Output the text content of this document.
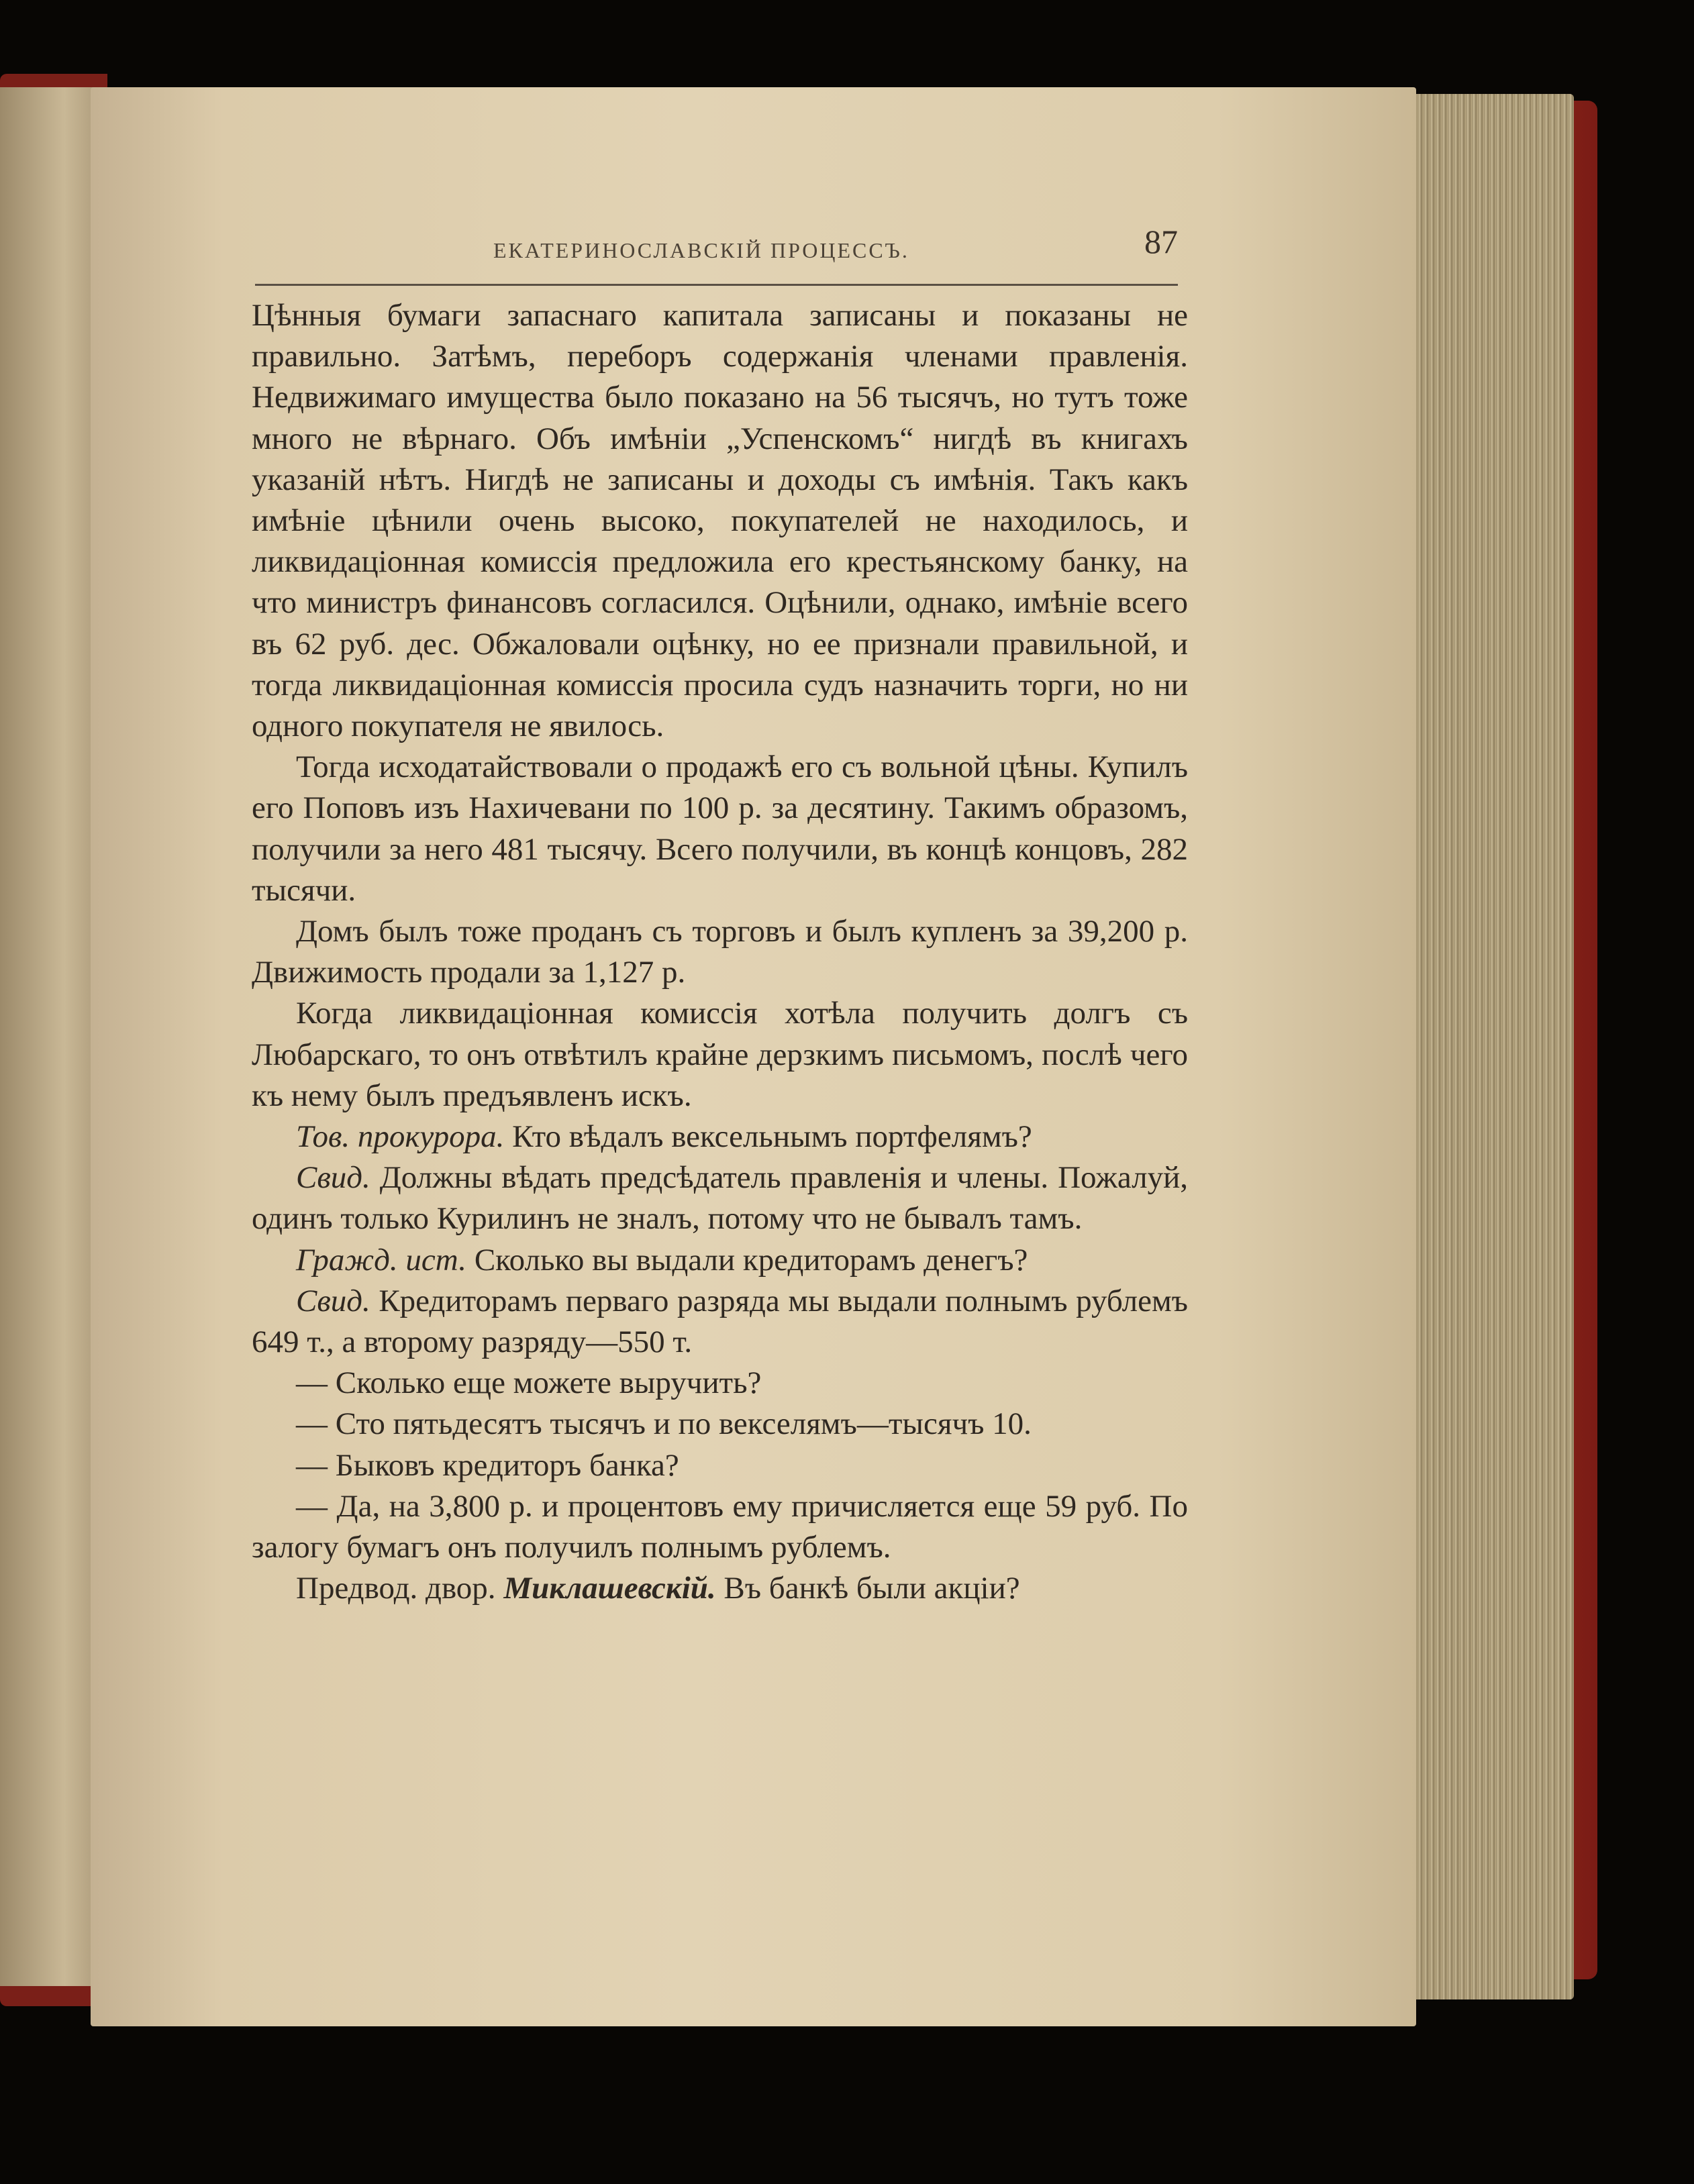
ЕКАТЕРИНОСЛАВСКІЙ ПРОЦЕССЪ.	87

Цѣнныя бумаги запаснаго капитала записаны и показаны не правильно. Затѣмъ, переборъ содержанія членами правленія. Недвижимаго имущества было показано на 56 тысячъ, но тутъ тоже много не вѣрнаго. Объ имѣніи „Успенскомъ“ нигдѣ въ книгахъ указаній нѣтъ. Нигдѣ не записаны и доходы съ имѣнія. Такъ какъ имѣніе цѣнили очень высоко, покупателей не находилось, и ликвидаціонная комиссія предложила его крестьянскому банку, на что министръ финансовъ согласился. Оцѣнили, однако, имѣніе всего въ 62 руб. дес. Обжаловали оцѣнку, но ее признали правильной, и тогда ликвидаціонная комиссія просила судъ назначить торги, но ни одного покупателя не явилось.

Тогда исходатайствовали о продажѣ его съ вольной цѣны. Купилъ его Поповъ изъ Нахичевани по 100 р. за десятину. Такимъ образомъ, получили за него 481 тысячу. Всего получили, въ концѣ концовъ, 282 тысячи.

Домъ былъ тоже проданъ съ торговъ и былъ купленъ за 39,200 р. Движимость продали за 1,127 р.

Когда ликвидаціонная комиссія хотѣла получить долгъ съ Любарскаго, то онъ отвѣтилъ крайне дерзкимъ письмомъ, послѣ чего къ нему былъ предъявленъ искъ.

Тов. прокурора. Кто вѣдалъ вексельнымъ портфелямъ?

Свид. Должны вѣдать предсѣдатель правленія и члены. Пожалуй, одинъ только Курилинъ не зналъ, потому что не бывалъ тамъ.

Гражд. ист. Сколько вы выдали кредиторамъ денегъ?

Свид. Кредиторамъ перваго разряда мы выдали полнымъ рублемъ 649 т., а второму разряду—550 т.

— Сколько еще можете выручить?

— Сто пятьдесятъ тысячъ и по векселямъ—тысячъ 10.

— Быковъ кредиторъ банка?

— Да, на 3,800 р. и процентовъ ему причисляется еще 59 руб. По залогу бумагъ онъ получилъ полнымъ рублемъ.

Предвод. двор. Миклашевскій. Въ банкѣ были акціи?
